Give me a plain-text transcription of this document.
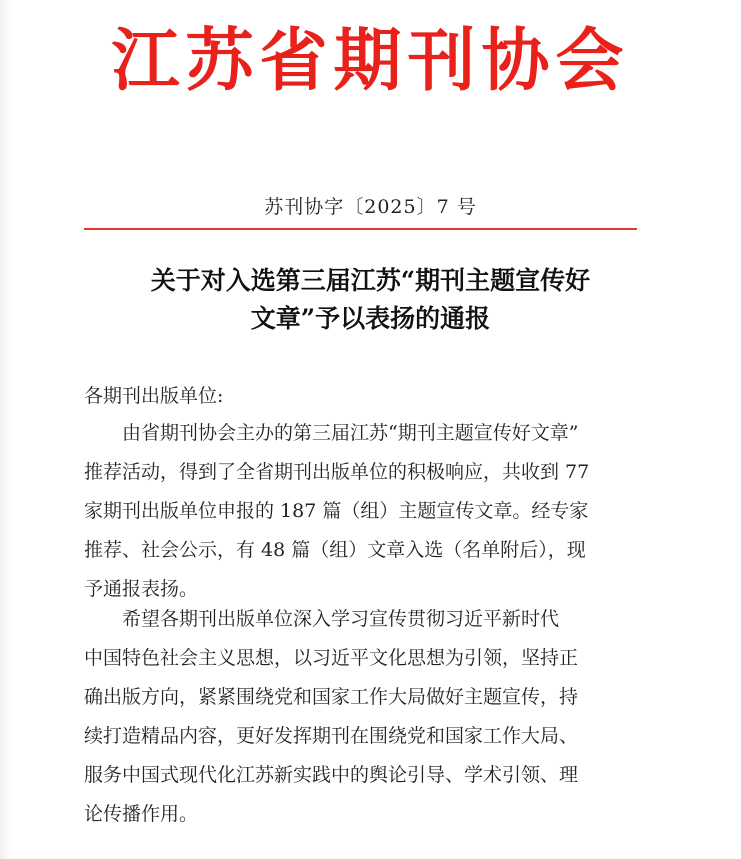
江苏省期刊协会
苏刊协字〔2025〕7 号
关于对入选第三届江苏“期刊主题宣传好
文章”予以表扬的通报
各期刊出版单位:
由省期刊协会主办的第三届江苏“期刊主题宣传好文章”
推荐活动，得到了全省期刊出版单位的积极响应，共收到 77
家期刊出版单位申报的 187 篇（组）主题宣传文章。经专家
推荐、社会公示，有 48 篇（组）文章入选（名单附后），现
予通报表扬。
希望各期刊出版单位深入学习宣传贯彻习近平新时代
中国特色社会主义思想，以习近平文化思想为引领，坚持正
确出版方向，紧紧围绕党和国家工作大局做好主题宣传，持
续打造精品内容，更好发挥期刊在围绕党和国家工作大局、
服务中国式现代化江苏新实践中的舆论引导、学术引领、理
论传播作用。
